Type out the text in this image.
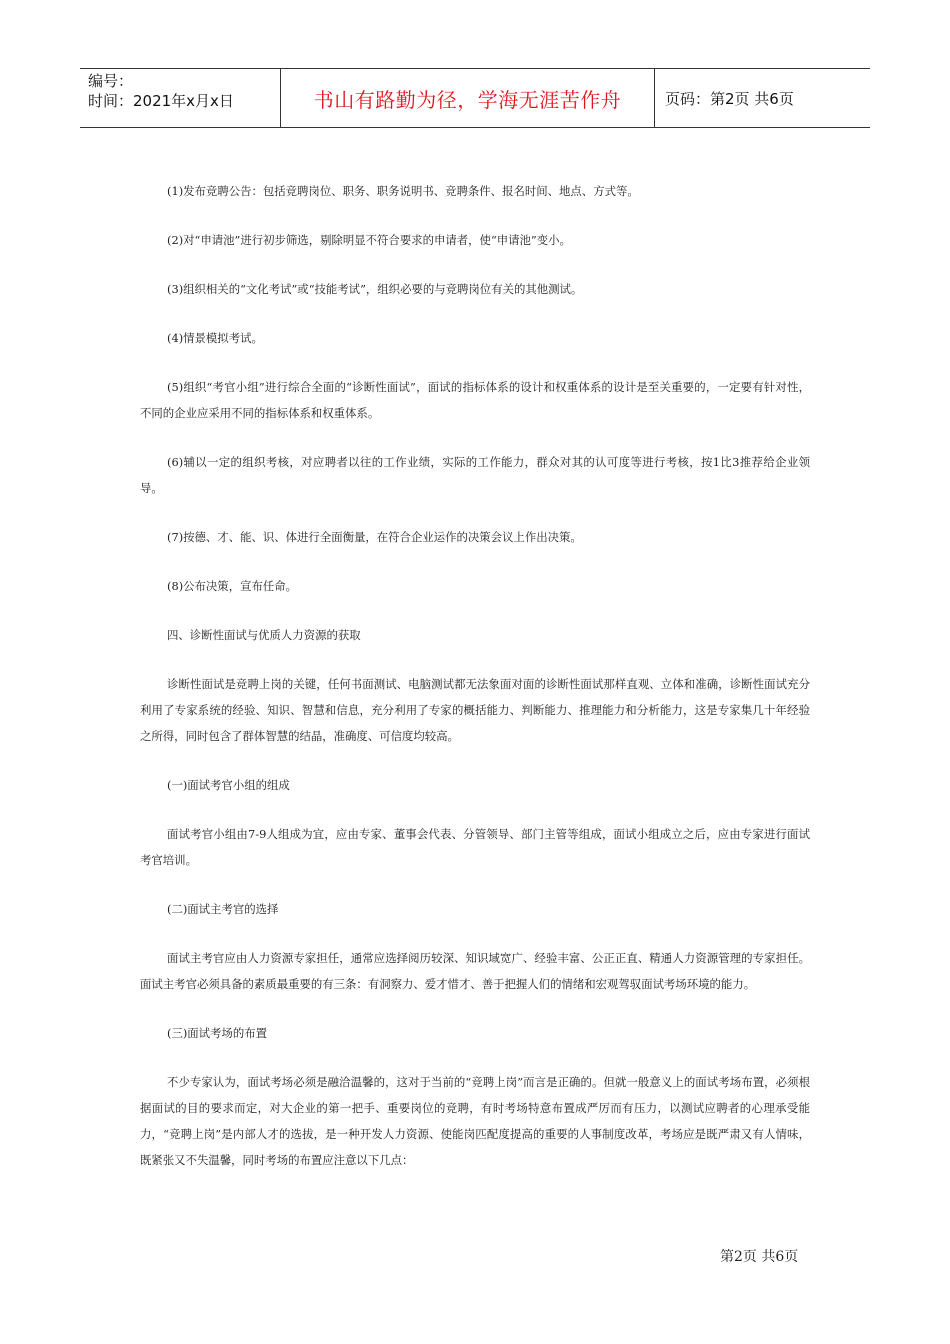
编号：
时间：2021年x月x日	书山有路勤为径，学海无涯苦作舟	页码：第2页 共6页

(1)发布竞聘公告：包括竞聘岗位、职务、职务说明书、竞聘条件、报名时间、地点、方式等。

(2)对“申请池”进行初步筛选，剔除明显不符合要求的申请者，使“申请池”变小。

(3)组织相关的“文化考试”或“技能考试”，组织必要的与竞聘岗位有关的其他测试。

(4)情景模拟考试。

(5)组织“考官小组”进行综合全面的“诊断性面试”，面试的指标体系的设计和权重体系的设计是至关重要的，一定要有针对性，不同的企业应采用不同的指标体系和权重体系。

(6)辅以一定的组织考核，对应聘者以往的工作业绩，实际的工作能力，群众对其的认可度等进行考核，按1比3推荐给企业领导。

(7)按德、才、能、识、体进行全面衡量，在符合企业运作的决策会议上作出决策。

(8)公布决策，宣布任命。

四、诊断性面试与优质人力资源的获取

诊断性面试是竞聘上岗的关键，任何书面测试、电脑测试都无法象面对面的诊断性面试那样直观、立体和准确，诊断性面试充分利用了专家系统的经验、知识、智慧和信息，充分利用了专家的概括能力、判断能力、推理能力和分析能力，这是专家集几十年经验之所得，同时包含了群体智慧的结晶，准确度、可信度均较高。

(一)面试考官小组的组成

面试考官小组由7-9人组成为宜，应由专家、董事会代表、分管领导、部门主管等组成，面试小组成立之后，应由专家进行面试考官培训。

(二)面试主考官的选择

面试主考官应由人力资源专家担任，通常应选择阅历较深、知识域宽广、经验丰富、公正正直、精通人力资源管理的专家担任。面试主考官必须具备的素质最重要的有三条：有洞察力、爱才惜才、善于把握人们的情绪和宏观驾驭面试考场环境的能力。

(三)面试考场的布置

不少专家认为，面试考场必须是融洽温馨的，这对于当前的“竞聘上岗”而言是正确的。但就一般意义上的面试考场布置，必须根据面试的目的要求而定，对大企业的第一把手、重要岗位的竞聘，有时考场特意布置成严厉而有压力，以测试应聘者的心理承受能力，“竞聘上岗”是内部人才的选拔，是一种开发人力资源、使能岗匹配度提高的重要的人事制度改革，考场应是既严肃又有人情味，既紧张又不失温馨，同时考场的布置应注意以下几点：

第2页 共6页
